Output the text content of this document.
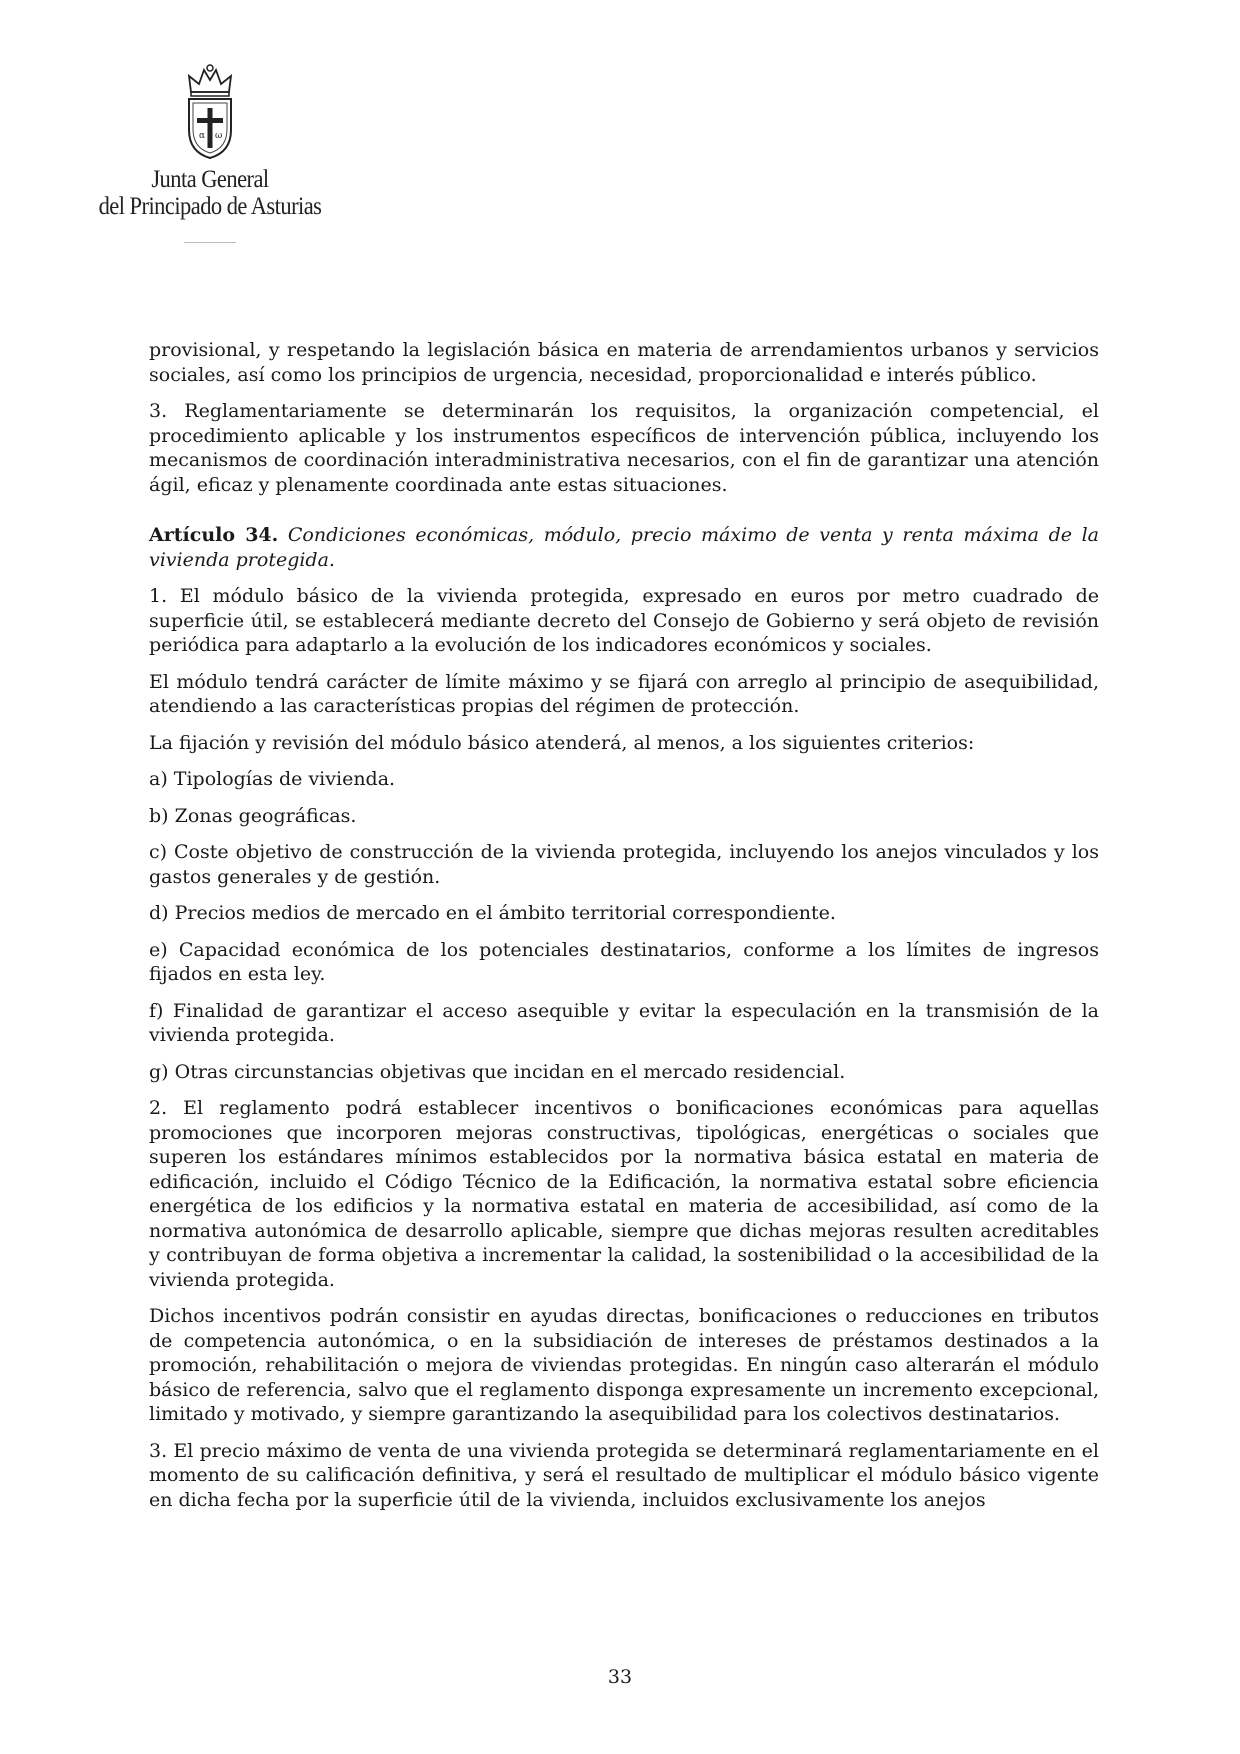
α ω
Junta General
del Principado de Asturias

provisional, y respetando la legislación básica en materia de arrendamientos urbanos y servicios sociales, así como los principios de urgencia, necesidad, proporcionalidad e interés público.

3. Reglamentariamente se determinarán los requisitos, la organización competencial, el procedimiento aplicable y los instrumentos específicos de intervención pública, incluyendo los mecanismos de coordinación interadministrativa necesarios, con el fin de garantizar una atención ágil, eficaz y plenamente coordinada ante estas situaciones.

Artículo 34. Condiciones económicas, módulo, precio máximo de venta y renta máxima de la vivienda protegida.

1. El módulo básico de la vivienda protegida, expresado en euros por metro cuadrado de superficie útil, se establecerá mediante decreto del Consejo de Gobierno y será objeto de revisión periódica para adaptarlo a la evolución de los indicadores económicos y sociales.

El módulo tendrá carácter de límite máximo y se fijará con arreglo al principio de asequibilidad, atendiendo a las características propias del régimen de protección.

La fijación y revisión del módulo básico atenderá, al menos, a los siguientes criterios:

a) Tipologías de vivienda.

b) Zonas geográficas.

c) Coste objetivo de construcción de la vivienda protegida, incluyendo los anejos vinculados y los gastos generales y de gestión.

d) Precios medios de mercado en el ámbito territorial correspondiente.

e) Capacidad económica de los potenciales destinatarios, conforme a los límites de ingresos fijados en esta ley.

f) Finalidad de garantizar el acceso asequible y evitar la especulación en la transmisión de la vivienda protegida.

g) Otras circunstancias objetivas que incidan en el mercado residencial.

2. El reglamento podrá establecer incentivos o bonificaciones económicas para aquellas promociones que incorporen mejoras constructivas, tipológicas, energéticas o sociales que superen los estándares mínimos establecidos por la normativa básica estatal en materia de edificación, incluido el Código Técnico de la Edificación, la normativa estatal sobre eficiencia energética de los edificios y la normativa estatal en materia de accesibilidad, así como de la normativa autonómica de desarrollo aplicable, siempre que dichas mejoras resulten acreditables y contribuyan de forma objetiva a incrementar la calidad, la sostenibilidad o la accesibilidad de la vivienda protegida.

Dichos incentivos podrán consistir en ayudas directas, bonificaciones o reducciones en tributos de competencia autonómica, o en la subsidiación de intereses de préstamos destinados a la promoción, rehabilitación o mejora de viviendas protegidas. En ningún caso alterarán el módulo básico de referencia, salvo que el reglamento disponga expresamente un incremento excepcional, limitado y motivado, y siempre garantizando la asequibilidad para los colectivos destinatarios.

3. El precio máximo de venta de una vivienda protegida se determinará reglamentariamente en el momento de su calificación definitiva, y será el resultado de multiplicar el módulo básico vigente en dicha fecha por la superficie útil de la vivienda, incluidos exclusivamente los anejos

33
